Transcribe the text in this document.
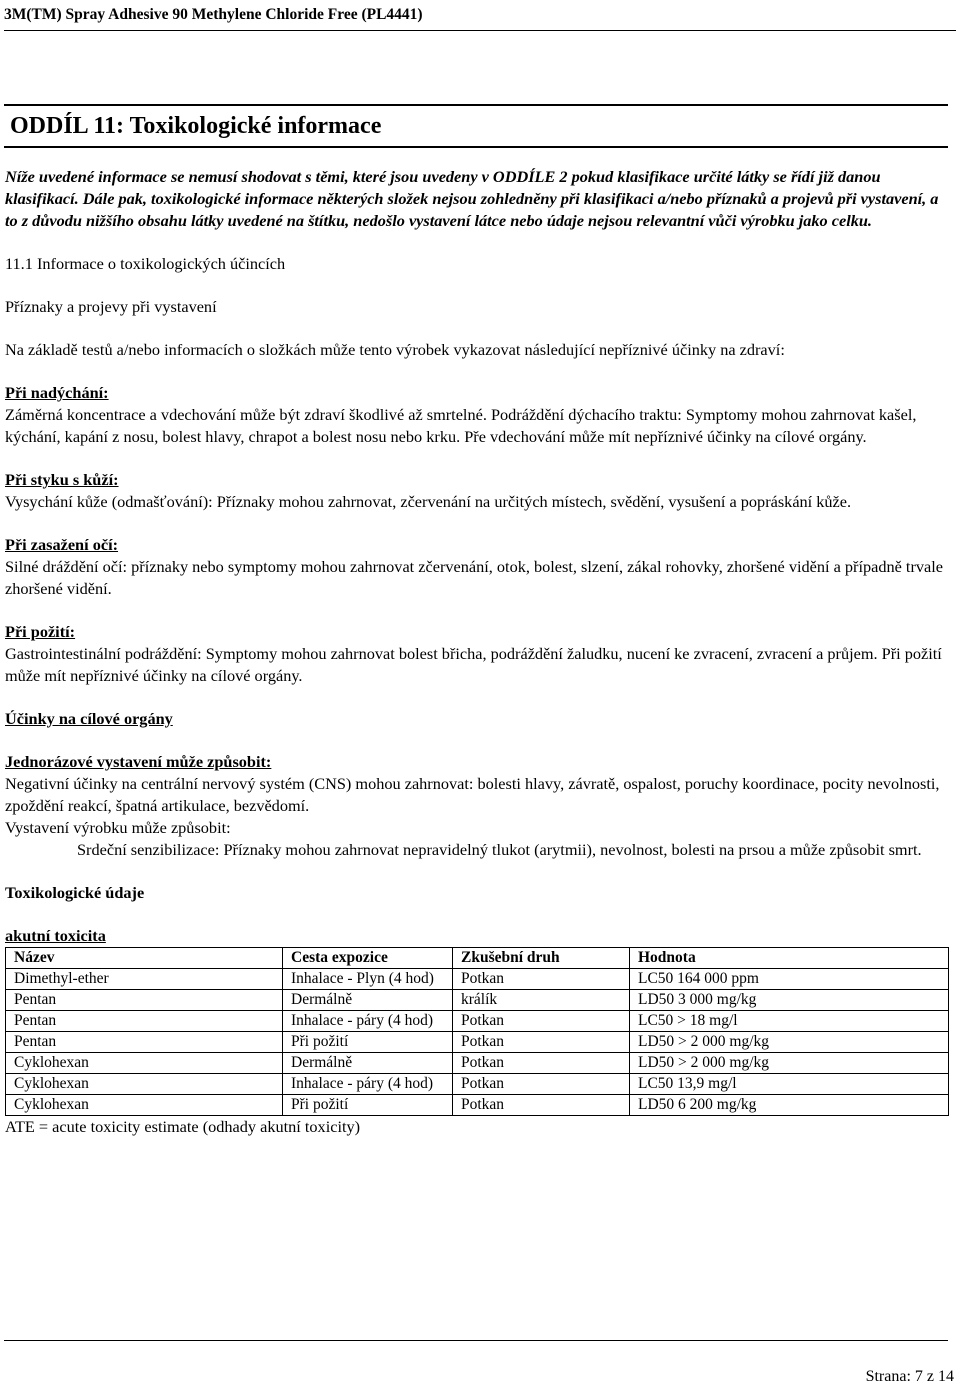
3M(TM) Spray Adhesive 90 Methylene Chloride Free (PL4441)
ODDÍL 11: Toxikologické informace

Níže uvedené informace se nemusí shodovat s těmi, které jsou uvedeny v ODDÍLE 2 pokud klasifikace určité látky se řídí již danou klasifikací. Dále pak, toxikologické informace některých složek nejsou zohledněny při klasifikaci a/nebo příznaků a projevů při vystavení, a to z důvodu nižšího obsahu látky uvedené na štítku, nedošlo vystavení látce nebo údaje nejsou relevantní vůči výrobku jako celku.

11.1 Informace o toxikologických účincích

Příznaky a projevy při vystavení

Na základě testů a/nebo informacích o složkách může tento výrobek vykazovat následující nepříznivé účinky na zdraví:

Při nadýchání:

Záměrná koncentrace a vdechování může být zdraví škodlivé až smrtelné. Podráždění dýchacího traktu: Symptomy mohou zahrnovat kašel, kýchání, kapání z nosu, bolest hlavy, chrapot a bolest nosu nebo krku. Pře vdechování může mít nepříznivé účinky na cílové orgány.

Při styku s kůží:

Vysychání kůže (odmašťování): Příznaky mohou zahrnovat, zčervenání na určitých místech, svědění, vysušení a popráskání kůže.

Při zasažení očí:

Silné dráždění očí: příznaky nebo symptomy mohou zahrnovat zčervenání, otok, bolest, slzení, zákal rohovky, zhoršené vidění a případně trvale zhoršené vidění.

Při požití:

Gastrointestinální podráždění: Symptomy mohou zahrnovat bolest břicha, podráždění žaludku, nucení ke zvracení, zvracení a průjem. Při požití může mít nepříznivé účinky na cílové orgány.

Účinky na cílové orgány

Jednorázové vystavení může způsobit:

Negativní účinky na centrální nervový systém (CNS) mohou zahrnovat: bolesti hlavy, závratě, ospalost, poruchy koordinace, pocity nevolnosti, zpoždění reakcí, špatná artikulace, bezvědomí.

Vystavení výrobku může způsobit:

Srdeční senzibilizace: Příznaky mohou zahrnovat nepravidelný tlukot (arytmii), nevolnost, bolesti na prsou a může způsobit smrt.

Toxikologické údaje

akutní toxicita

Název	Cesta expozice	Zkušební druh	Hodnota
Dimethyl-ether	Inhalace - Plyn (4 hod)	Potkan	LC50 164 000 ppm
Pentan	Dermálně	králík	LD50 3 000 mg/kg
Pentan	Inhalace - páry (4 hod)	Potkan	LC50 > 18 mg/l
Pentan	Při požití	Potkan	LD50 > 2 000 mg/kg
Cyklohexan	Dermálně	Potkan	LD50 > 2 000 mg/kg
Cyklohexan	Inhalace - páry (4 hod)	Potkan	LC50 13,9 mg/l
Cyklohexan	Při požití	Potkan	LD50 6 200 mg/kg

ATE = acute toxicity estimate (odhady akutní toxicity)

Strana: 7 z 14
